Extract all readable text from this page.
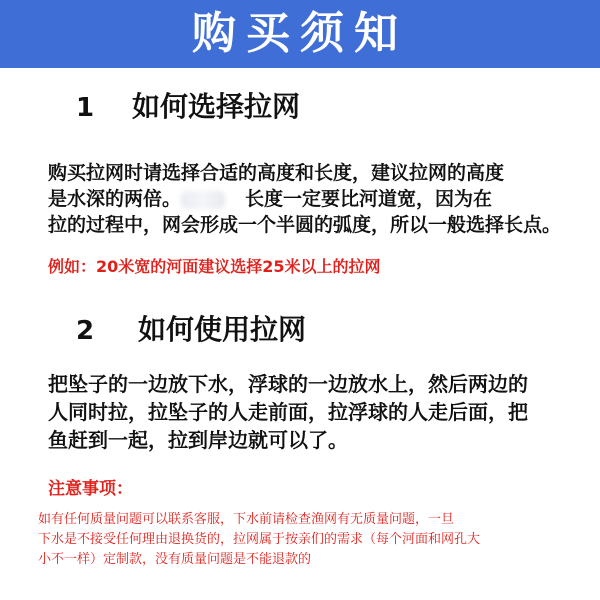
购买须知
1	如何选择拉网
购买拉网时请选择合适的高度和长度，建议拉网的高度
是水深的两倍。	长度一定要比河道宽，因为在
拉的过程中，网会形成一个半圆的弧度，所以一般选择长点。
例如：20米宽的河面建议选择25米以上的拉网
2	如何使用拉网
把坠子的一边放下水，浮球的一边放水上，然后两边的
人同时拉，拉坠子的人走前面，拉浮球的人走后面，把
鱼赶到一起，拉到岸边就可以了。
注意事项：
如有任何质量问题可以联系客服，下水前请检查渔网有无质量问题，一旦
下水是不接受任何理由退换货的，拉网属于按亲们的需求（每个河面和网孔大
小不一样）定制款，没有质量问题是不能退款的
